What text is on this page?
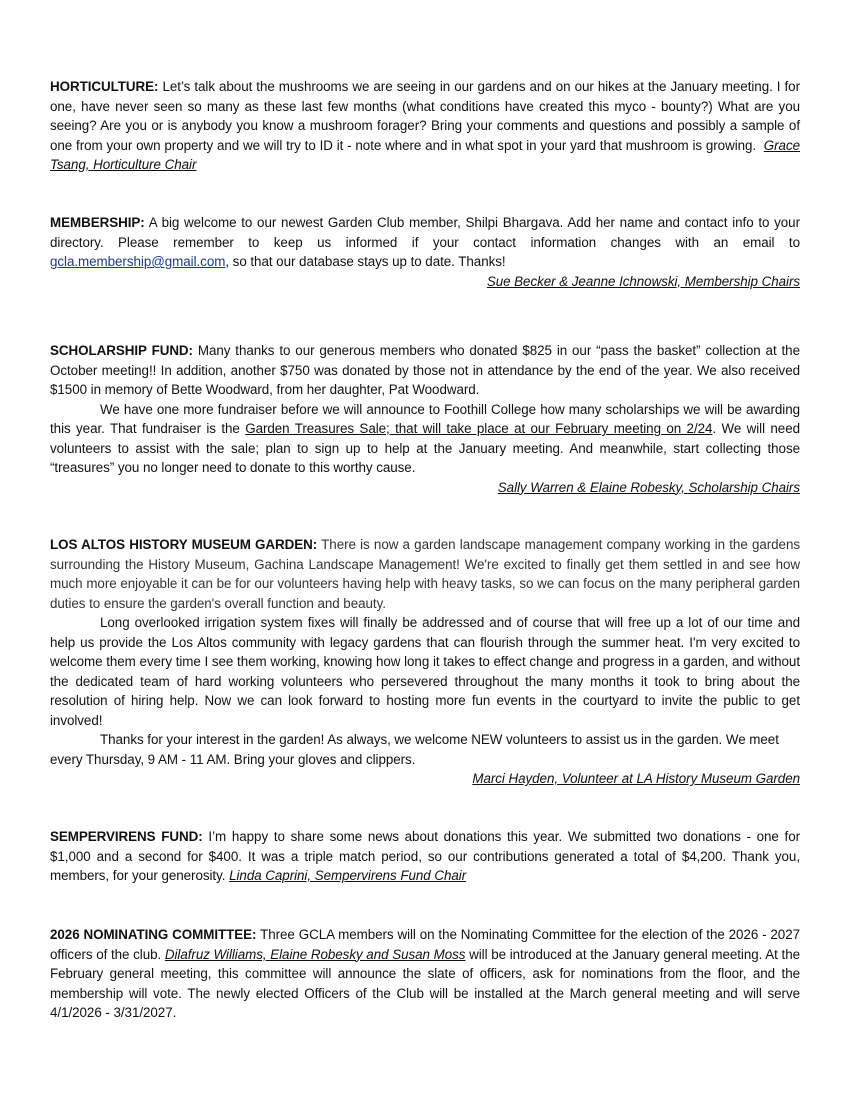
HORTICULTURE: Let’s talk about the mushrooms we are seeing in our gardens and on our hikes at the January meeting. I for one, have never seen so many as these last few months (what conditions have created this myco - bounty?) What are you seeing? Are you or is anybody you know a mushroom forager? Bring your comments and questions and possibly a sample of one from your own property and we will try to ID it - note where and in what spot in your yard that mushroom is growing. Grace Tsang, Horticulture Chair

MEMBERSHIP: A big welcome to our newest Garden Club member, Shilpi Bhargava. Add her name and contact info to your directory. Please remember to keep us informed if your contact information changes with an email to gcla.membership@gmail.com, so that our database stays up to date. Thanks!

Sue Becker & Jeanne Ichnowski, Membership Chairs

SCHOLARSHIP FUND: Many thanks to our generous members who donated $825 in our “pass the basket” collection at the October meeting!! In addition, another $750 was donated by those not in attendance by the end of the year. We also received $1500 in memory of Bette Woodward, from her daughter, Pat Woodward.

We have one more fundraiser before we will announce to Foothill College how many scholarships we will be awarding this year. That fundraiser is the Garden Treasures Sale; that will take place at our February meeting on 2/24. We will need volunteers to assist with the sale; plan to sign up to help at the January meeting. And meanwhile, start collecting those “treasures” you no longer need to donate to this worthy cause.

Sally Warren & Elaine Robesky, Scholarship Chairs

LOS ALTOS HISTORY MUSEUM GARDEN: There is now a garden landscape management company working in the gardens surrounding the History Museum, Gachina Landscape Management! We're excited to finally get them settled in and see how much more enjoyable it can be for our volunteers having help with heavy tasks, so we can focus on the many peripheral garden duties to ensure the garden's overall function and beauty.

Long overlooked irrigation system fixes will finally be addressed and of course that will free up a lot of our time and help us provide the Los Altos community with legacy gardens that can flourish through the summer heat. I'm very excited to welcome them every time I see them working, knowing how long it takes to effect change and progress in a garden, and without the dedicated team of hard working volunteers who persevered throughout the many months it took to bring about the resolution of hiring help. Now we can look forward to hosting more fun events in the courtyard to invite the public to get involved!

Thanks for your interest in the garden! As always, we welcome NEW volunteers to assist us in the garden. We meet every Thursday, 9 AM - 11 AM. Bring your gloves and clippers.

Marci Hayden, Volunteer at LA History Museum Garden

SEMPERVIRENS FUND: I’m happy to share some news about donations this year. We submitted two donations - one for $1,000 and a second for $400. It was a triple match period, so our contributions generated a total of $4,200. Thank you, members, for your generosity. Linda Caprini, Sempervirens Fund Chair

2026 NOMINATING COMMITTEE: Three GCLA members will on the Nominating Committee for the election of the 2026 - 2027 officers of the club. Dilafruz Williams, Elaine Robesky and Susan Moss will be introduced at the January general meeting. At the February general meeting, this committee will announce the slate of officers, ask for nominations from the floor, and the membership will vote. The newly elected Officers of the Club will be installed at the March general meeting and will serve 4/1/2026 - 3/31/2027.
